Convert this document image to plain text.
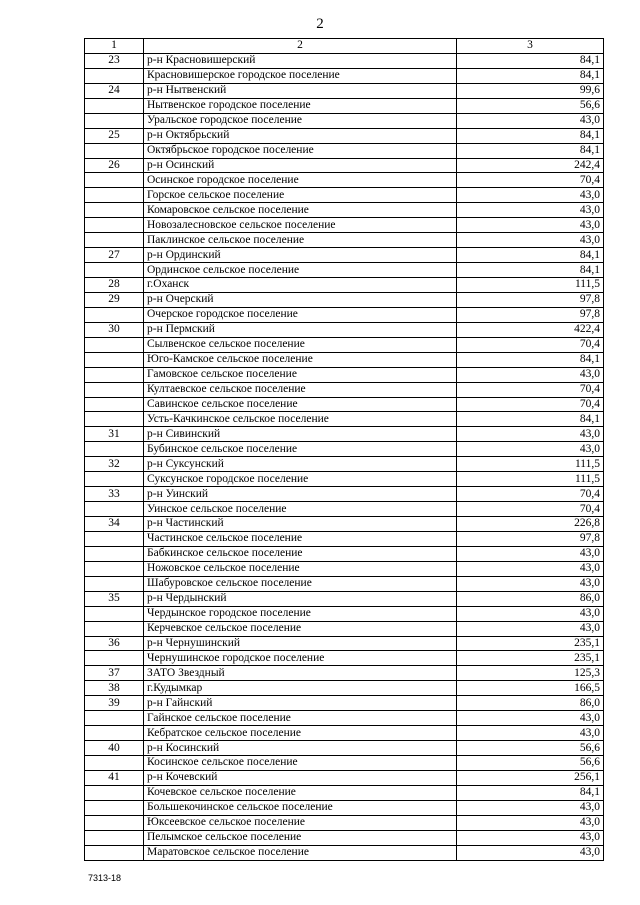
2
1	2	3
23	р-н Красновишерский	84,1
	Красновишерское городское поселение	84,1
24	р-н Нытвенский	99,6
	Нытвенское городское поселение	56,6
	Уральское городское поселение	43,0
25	р-н Октябрьский	84,1
	Октябрьское городское поселение	84,1
26	р-н Осинский	242,4
	Осинское городское поселение	70,4
	Горское сельское поселение	43,0
	Комаровское сельское поселение	43,0
	Новозалесновское сельское поселение	43,0
	Паклинское сельское поселение	43,0
27	р-н Ординский	84,1
	Ординское сельское поселение	84,1
28	г.Оханск	111,5
29	р-н Очерский	97,8
	Очерское городское поселение	97,8
30	р-н Пермский	422,4
	Сылвенское сельское поселение	70,4
	Юго-Камское сельское поселение	84,1
	Гамовское сельское поселение	43,0
	Култаевское сельское поселение	70,4
	Савинское сельское поселение	70,4
	Усть-Качкинское сельское поселение	84,1
31	р-н Сивинский	43,0
	Бубинское сельское поселение	43,0
32	р-н Суксунский	111,5
	Суксунское городское поселение	111,5
33	р-н Уинский	70,4
	Уинское сельское поселение	70,4
34	р-н Частинский	226,8
	Частинское сельское поселение	97,8
	Бабкинское сельское поселение	43,0
	Ножовское сельское поселение	43,0
	Шабуровское сельское поселение	43,0
35	р-н Чердынский	86,0
	Чердынское городское поселение	43,0
	Керчевское сельское поселение	43,0
36	р-н Чернушинский	235,1
	Чернушинское городское поселение	235,1
37	ЗАТО Звездный	125,3
38	г.Кудымкар	166,5
39	р-н Гайнский	86,0
	Гайнское сельское поселение	43,0
	Кебратское сельское поселение	43,0
40	р-н Косинский	56,6
	Косинское сельское поселение	56,6
41	р-н Кочевский	256,1
	Кочевское сельское поселение	84,1
	Большекочинское сельское поселение	43,0
	Юксеевское сельское поселение	43,0
	Пелымское сельское поселение	43,0
	Маратовское сельское поселение	43,0
7313-18
